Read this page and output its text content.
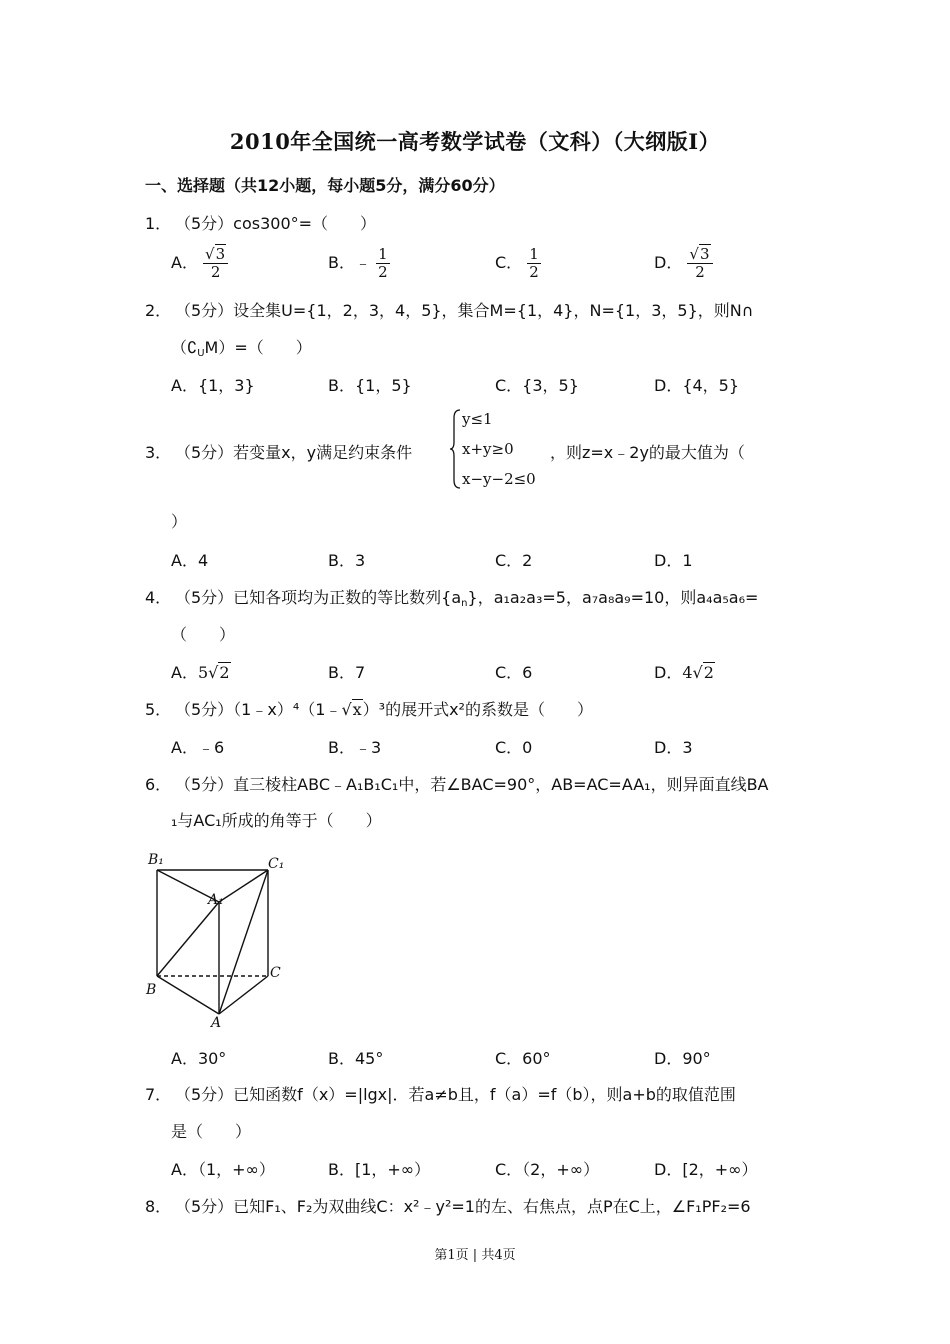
2010年全国统一高考数学试卷（文科）（大纲版Ⅰ）
一、选择题（共12小题，每小题5分，满分60分）
1． （5分）cos300°=（　　）
A． $\frac{√3}{2}$	B．﹣ $\frac{1}{2}$	C． $\frac{1}{2}$	D． $\frac{√3}{2}$
2． （5分）设全集U={1，2，3，4，5}，集合M={1，4}，N={1，3，5}，则N∩
$(∁_UM)=$（　　）
A．{1，3}	B．{1，5}	C．{3，5}	D．{4，5}
3． （5分）若变量x，y满足约束条件
y≤1
x+y≥0
x−y−2≤0
，则z=x﹣2y的最大值为（
）
A．4	B．3	C．2	D．1
4． （5分）已知各项均为正数的等比数列$\{a_n\}$，a₁a₂a₃=5，a₇a₈a₉=10，则a₄a₅a₆=
（　　）
A．5√2	B．7	C．6	D．4√2
5． （5分）（1﹣x）⁴（1﹣√x）³的展开式x²的系数是（　　）
A．﹣6	B．﹣3	C．0	D．3
6． （5分）直三棱柱ABC﹣A₁B₁C₁中，若∠BAC=90°，AB=AC=AA₁，则异面直线BA
₁与AC₁所成的角等于（　　）
B₁	C₁
A₁
B
C
A
A．30°	B．45°	C．60°	D．90°
7． （5分）已知函数f（x）=|lgx|．若a≠b且，f（a）=f（b），则a+b的取值范围
是（　　）
A．（1，+∞）	B．[1，+∞）	C．（2，+∞）	D．[2，+∞）
8． （5分）已知F₁、F₂为双曲线C：x²﹣y²=1的左、右焦点，点P在C上，∠F₁PF₂=6
第1页 | 共4页
